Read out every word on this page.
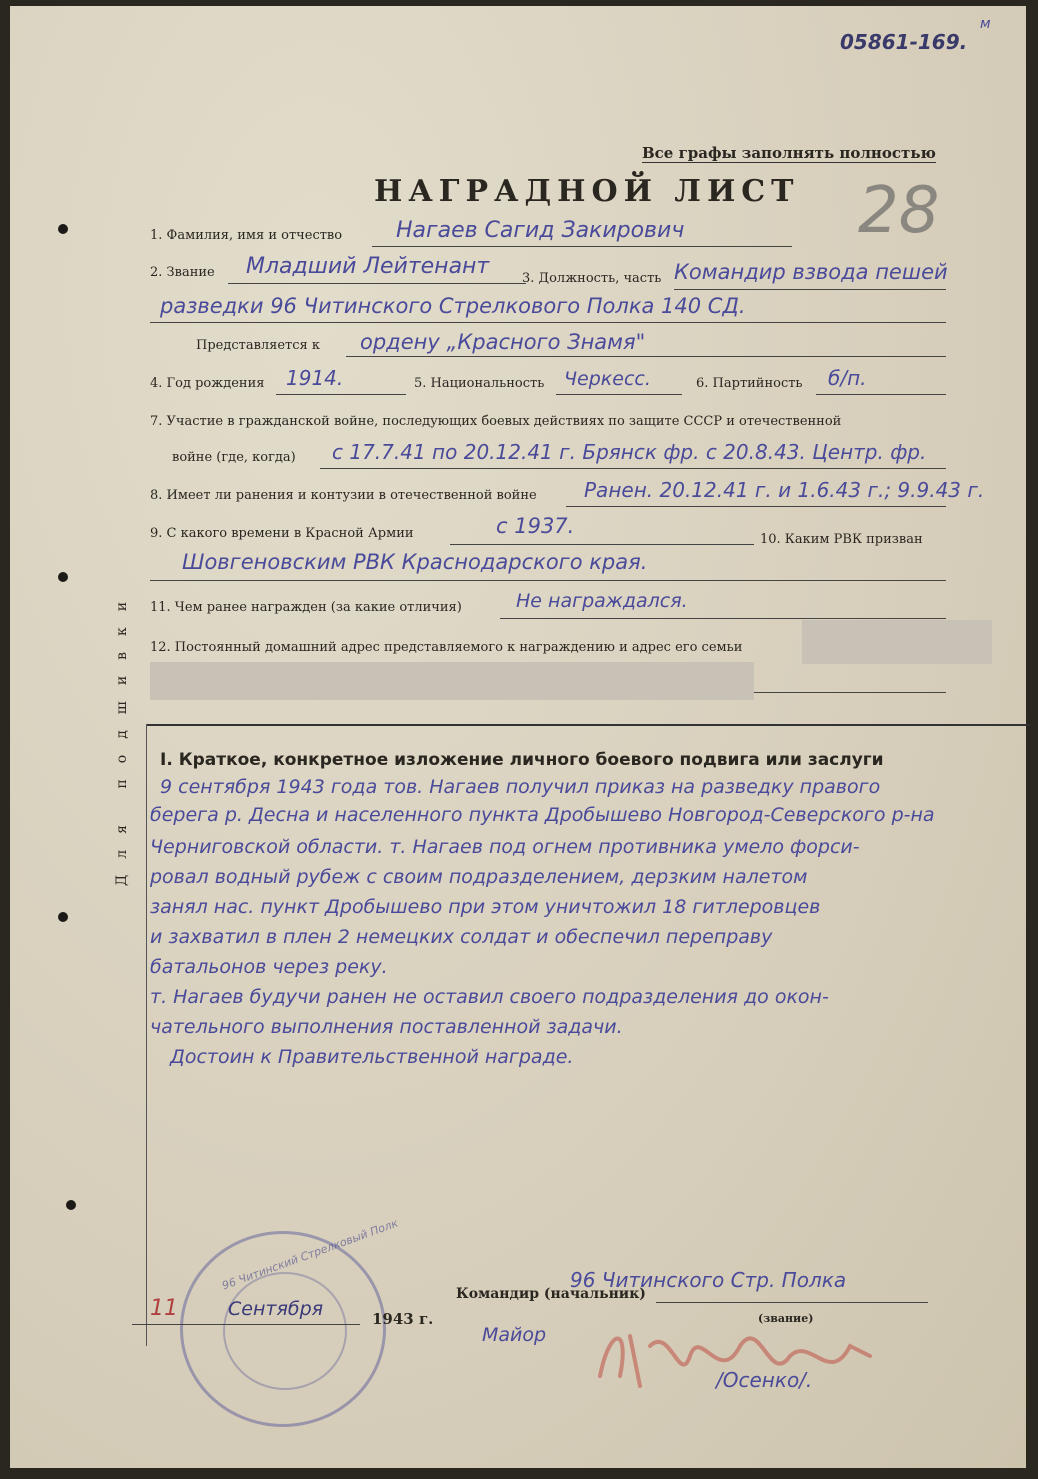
05861-169.
м
Все графы заполнять полностью
НАГРАДНОЙ ЛИСТ 28
Для подшивки
1. Фамилия, имя и отчество Нагаев Сагид Закирович
2. Звание Младший Лейтенант	3. Должность, часть Командир взвода пешей
разведки 96 Читинского Стрелкового Полка 140 СД.
Представляется к ордену „Красного Знамя"
4. Год рождения 1914.	5. Национальность Черкесс.	6. Партийность б/п.
7. Участие в гражданской войне, последующих боевых действиях по защите СССР и отечественной
войне (где, когда) с 17.7.41 по 20.12.41 г. Брянск фр. с 20.8.43. Центр. фр.
8. Имеет ли ранения и контузии в отечественной войне Ранен. 20.12.41 г. и 1.6.43 г.; 9.9.43 г.
9. С какого времени в Красной Армии	с 1937.
10. Каким РВК призван
Шовгеновским РВК Краснодарского края.
11. Чем ранее награжден (за какие отличия)	Не награждался.
12. Постоянный домашний адрес представляемого к награждению и адрес его семьи
I. Краткое, конкретное изложение личного боевого подвига или заслуги
9 сентября 1943 года тов. Нагаев получил приказ на разведку правого
берега р. Десна и населенного пункта Дробышево Новгород-Северского р-на
Черниговской области. т. Нагаев под огнем противника умело форси-
ровал водный рубеж с своим подразделением, дерзким налетом
занял нас. пункт Дробышево при этом уничтожил 18 гитлеровцев
и захватил в плен 2 немецких солдат и обеспечил переправу
батальонов через реку.
т. Нагаев будучи ранен не оставил своего подразделения до окон-
чательного выполнения поставленной задачи.
Достоин к Правительственной награде.
96 Читинский Стрелковый Полк
11	Сентября	1943 г.
Командир (начальник)
96 Читинского Стр. Полка
(звание)
Майор
/Осенко/.
